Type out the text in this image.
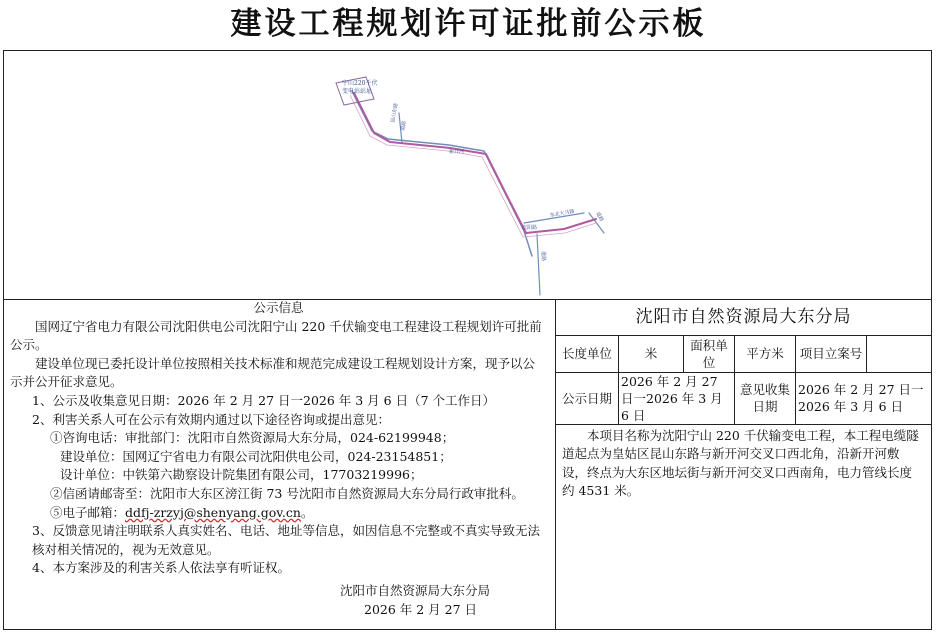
建设工程规划许可证批前公示板
宁山220千伏
变电站站址
昆山东路
道路
新开河
东北大马路	道路
沈阳路
道路

公示信息

国网辽宁省电力有限公司沈阳供电公司沈阳宁山 220 千伏输变电工程建设工程规划许可批前公示。

建设单位现已委托设计单位按照相关技术标准和规范完成建设工程规划设计方案，现予以公示并公开征求意见。

1、公示及收集意见日期：2026 年 2 月 27 日一2026 年 3 月 6 日（7 个工作日）

2、利害关系人可在公示有效期内通过以下途径咨询或提出意见：

①咨询电话：审批部门：沈阳市自然资源局大东分局，024-62199948；

建设单位：国网辽宁省电力有限公司沈阳供电公司，024-23154851；

设计单位：中铁第六勘察设计院集团有限公司，17703219996；

②信函请邮寄至：沈阳市大东区滂江街 73 号沈阳市自然资源局大东分局行政审批科。

⑤电子邮箱：ddfj-zrzyj@shenyang.gov.cn。

3、反馈意见请注明联系人真实姓名、电话、地址等信息，如因信息不完整或不真实导致无法核对相关情况的，视为无效意见。

4、本方案涉及的利害关系人依法享有听证权。

沈阳市自然资源局大东分局

2026 年 2 月 27 日

沈阳市自然资源局大东分局
长度单位	米	面积单位	平方米	项目立案号	
公示日期	2026 年 2 月 27 日一2026 年 3 月 6 日		意见收集日期	2026 年 2 月 27 日一2026 年 3 月 6 日	
本项目名称为沈阳宁山 220 千伏输变电工程，本工程电缆隧道起点为皇姑区昆山东路与新开河交叉口西北角，沿新开河敷设，终点为大东区地坛街与新开河交叉口西南角，电力管线长度约 4531 米。
